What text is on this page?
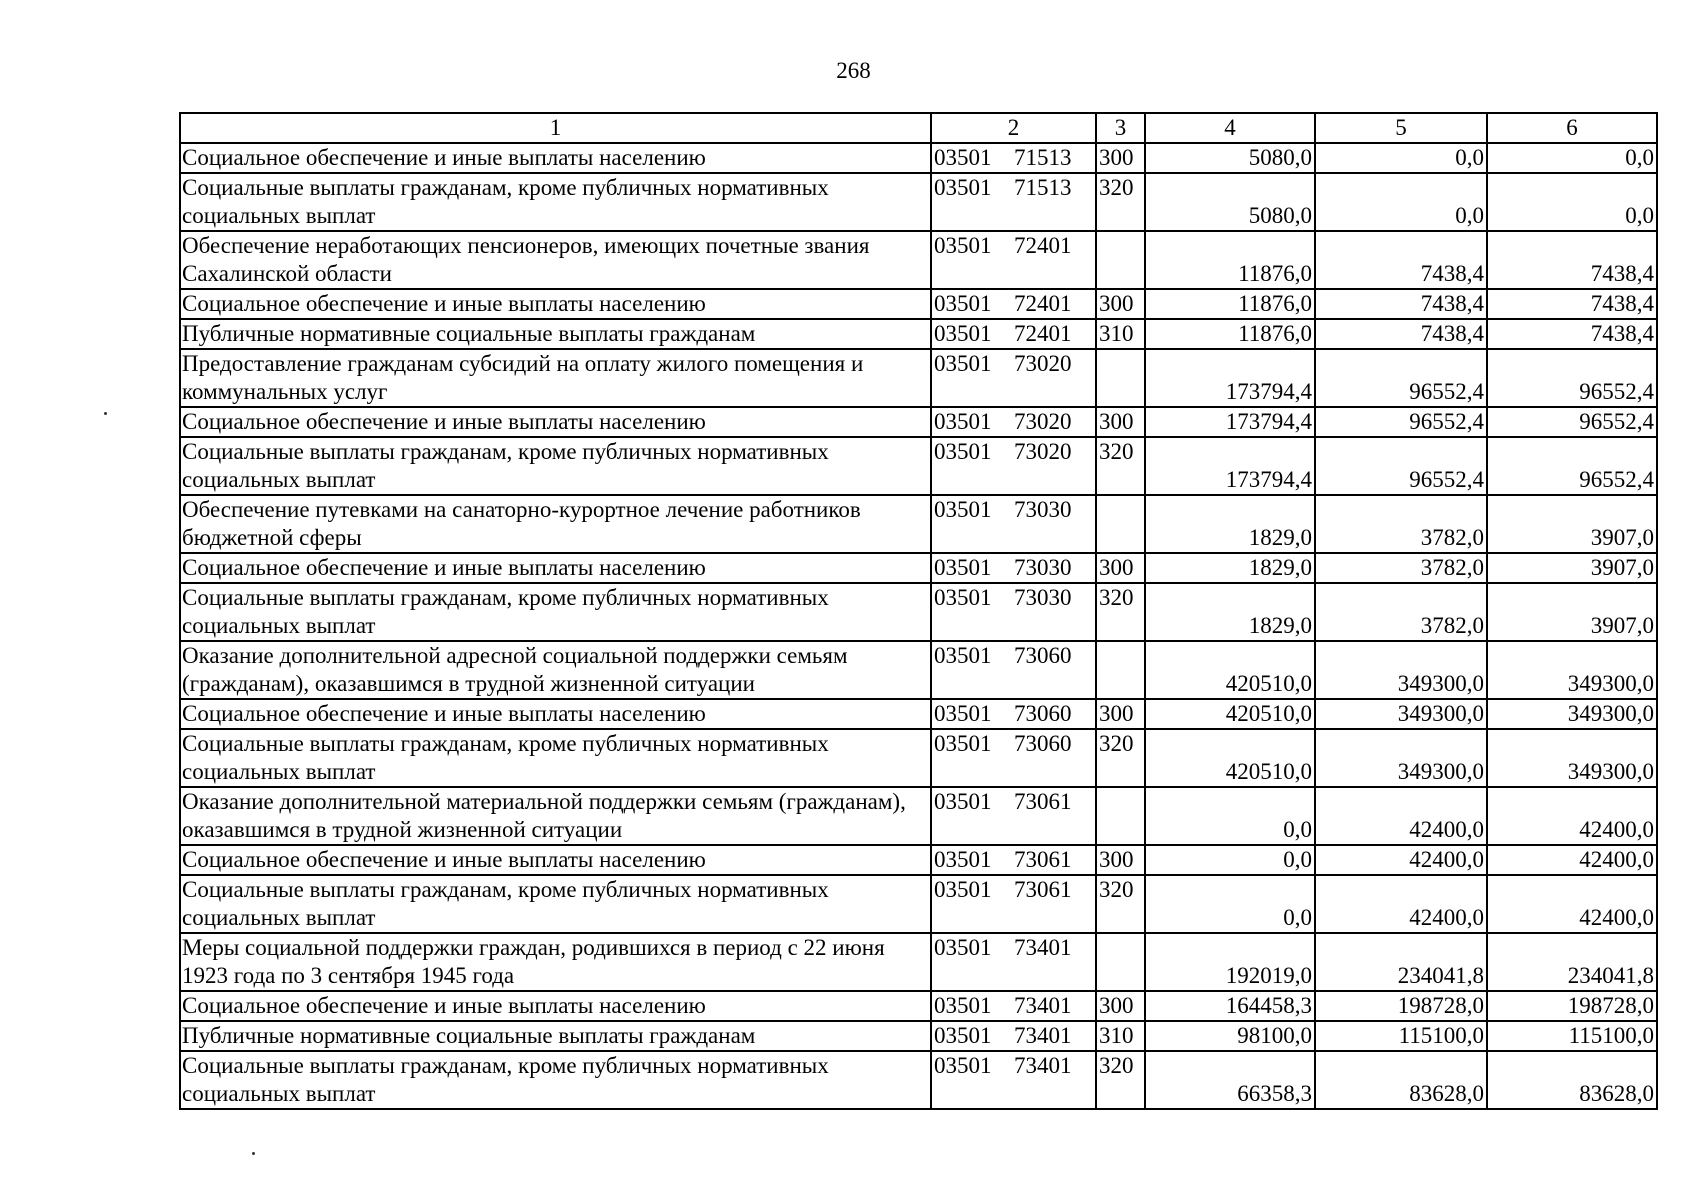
268
1	2	3	4	5	6
Социальное обеспечение и иные выплаты населению	03501 71513	300	5080,0	0,0	0,0
Социальные выплаты гражданам, кроме публичных нормативных социальных выплат	03501 71513	320	5080,0	0,0	0,0
Обеспечение неработающих пенсионеров, имеющих почетные звания Сахалинской области	03501 72401		11876,0	7438,4	7438,4
Социальное обеспечение и иные выплаты населению	03501 72401	300	11876,0	7438,4	7438,4
Публичные нормативные социальные выплаты гражданам	03501 72401	310	11876,0	7438,4	7438,4
Предоставление гражданам субсидий на оплату жилого помещения и коммунальных услуг	03501 73020		173794,4	96552,4	96552,4
Социальное обеспечение и иные выплаты населению	03501 73020	300	173794,4	96552,4	96552,4
Социальные выплаты гражданам, кроме публичных нормативных социальных выплат	03501 73020	320	173794,4	96552,4	96552,4
Обеспечение путевками на санаторно-курортное лечение работников бюджетной сферы	03501 73030		1829,0	3782,0	3907,0
Социальное обеспечение и иные выплаты населению	03501 73030	300	1829,0	3782,0	3907,0
Социальные выплаты гражданам, кроме публичных нормативных социальных выплат	03501 73030	320	1829,0	3782,0	3907,0
Оказание дополнительной адресной социальной поддержки семьям (гражданам), оказавшимся в трудной жизненной ситуации	03501 73060		420510,0	349300,0	349300,0
Социальное обеспечение и иные выплаты населению	03501 73060	300	420510,0	349300,0	349300,0
Социальные выплаты гражданам, кроме публичных нормативных социальных выплат	03501 73060	320	420510,0	349300,0	349300,0
Оказание дополнительной материальной поддержки семьям (гражданам), оказавшимся в трудной жизненной ситуации	03501 73061		0,0	42400,0	42400,0
Социальное обеспечение и иные выплаты населению	03501 73061	300	0,0	42400,0	42400,0
Социальные выплаты гражданам, кроме публичных нормативных социальных выплат	03501 73061	320	0,0	42400,0	42400,0
Меры социальной поддержки граждан, родившихся в период с 22 июня 1923 года по 3 сентября 1945 года	03501 73401		192019,0	234041,8	234041,8
Социальное обеспечение и иные выплаты населению	03501 73401	300	164458,3	198728,0	198728,0
Публичные нормативные социальные выплаты гражданам	03501 73401	310	98100,0	115100,0	115100,0
Социальные выплаты гражданам, кроме публичных нормативных социальных выплат	03501 73401	320	66358,3	83628,0	83628,0
